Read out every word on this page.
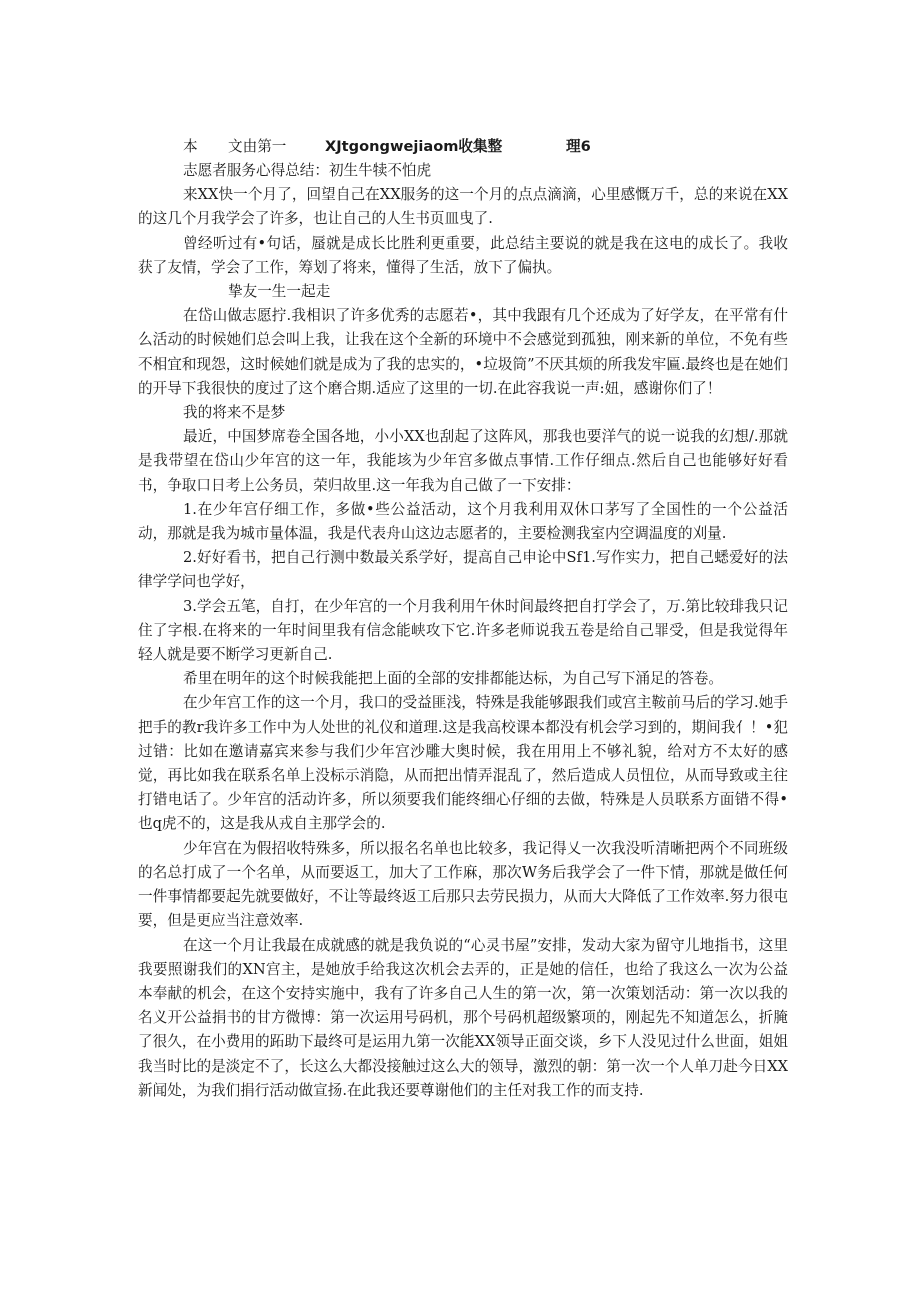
本 文由第一	XJtgongwejiaom收集整	理6

志愿者服务心得总结：初生牛犊不怕虎

来XX快一个月了，回望自己在XX服务的这一个月的点点滴滴，心里感慨万千，总的来说在XX的这几个月我学会了许多，也让自己的人生书页皿曳了.

曾经听过有•句话，蜃就是成长比胜利更重要，此总结主要说的就是我在这电的成长了。我收获了友情，学会了工作，筹划了将来，懂得了生活，放下了偏执。

挚友一生一起走

在岱山做志愿拧.我相识了许多优秀的志愿若•，其中我跟有几个还成为了好学友，在平常有什么活动的时候她们总会叫上我，让我在这个全新的环境中不会感觉到孤独，刚来新的单位，不免有些不相宜和现怨，这时候她们就是成为了我的忠实的，•垃圾筒”不厌其烦的所我发牢匾.最终也是在她们的开导下我很快的度过了这个磨合期.适应了这里的一切.在此容我说一声:妞，感谢你们了！

我的将来不是梦

最近，中国梦席卷全国各地，小小XX也刮起了这阵风，那我也要洋气的说一说我的幻想/.那就是我带望在岱山少年宫的这一年，我能垓为少年宫多做点事情.工作仔细点.然后自己也能够好好看书，争取口日考上公务员，荣归故里.这一年我为自己做了一下安排：

1.在少年宫仔细工作，多做•些公益活动，这个月我利用双休口茅写了全国性的一个公益活动，那就是我为城市量体温，我是代表舟山这边志愿者的，主要检测我室内空调温度的刈量.

2.好好看书，把自己行测中数最关系学好，提高自己申论中Sf1.写作实力，把自己蟋爱好的法律学学问也学好，

3.学会五笔，自打，在少年宫的一个月我利用午休时间最终把自打学会了，万.第比较琲我只记住了字根.在将来的一年时间里我有信念能峡攻下它.许多老师说我五卷是给自己罪受，但是我觉得年轻人就是要不断学习更新自己.

希里在明年的这个时候我能把上面的全部的安排都能达标，为自己写下涌足的答卷。

在少年宫工作的这一个月，我口的受益匪浅，特殊是我能够跟我们或宫主鞍前马后的学习.她手把手的教r我许多工作中为人处世的礼仪和道理.这是我高校课本都没有机会学习到的，期间我亻！•犯过错：比如在邀请嘉宾来参与我们少年宫沙雕大奥时候，我在用用上不够礼貌，给对方不太好的感觉，再比如我在联系名单上没标示消隐，从而把出情弄混乱了，然后造成人员忸位，从而导致或主往打错电话了。少年宫的活动许多，所以须要我们能终细心仔细的去做，特殊是人员联系方面错不得•也q虎不的，这是我从戎自主那学会的.

少年宫在为假招收特殊多，所以报名名单也比较多，我记得乂一次我没听清晰把两个不同班级的名总打成了一个名单，从而要返工，加大了工作麻，那次W务后我学会了一件下情，那就是做任何一件事情都要起先就要做好，不让等最终返工后那只去劳民损力，从而大大降低了工作效率.努力很屯要，但是更应当注意效率.

在这一个月让我最在成就感的就是我负说的“心灵书屋”安排，发动大家为留守儿地指书，这里我要照谢我们的XN宫主，是她放手给我这次机会去弄的，正是她的信任，也给了我这么一次为公益本奉献的机会，在这个安持实施中，我有了许多自己人生的第一次，第一次策划活动：第一次以我的名义开公益捐书的甘方微博：第一次运用号码机，那个号码机超级繁项的，刚起先不知道怎么，折腌了很久，在小费用的跖助下最终可是运用九第一次能XX领导正面交谈，乡下人没见过什么世面，姐姐我当时比的是淡定不了，长这么大都没接触过这么大的领导，激烈的朝：第一次一个人单刀赴今日XX新闻处，为我们捐行活动做宣扬.在此我还要尊谢他们的主任对我工作的而支持.
